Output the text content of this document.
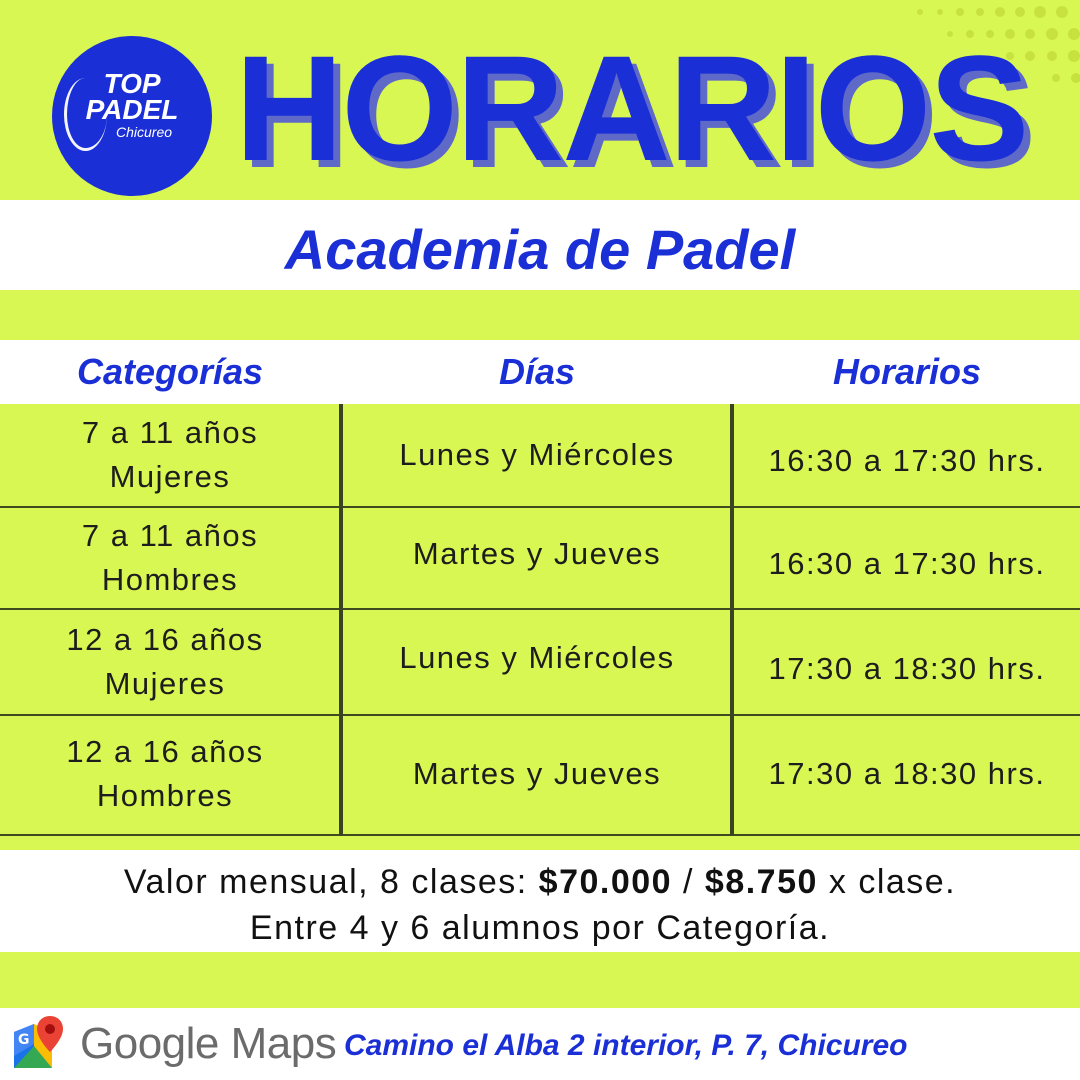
TOP
PADEL
Chicureo HORARIOS
Academia de Padel
Categorías	Días	Horarios
7 a 11 años
Mujeres
Lunes y Miércoles	16:30 a 17:30 hrs.
7 a 11 años
Hombres
Martes y Jueves	16:30 a 17:30 hrs.
12 a 16 años
Mujeres
Lunes y Miércoles	17:30 a 18:30 hrs.
12 a 16 años
Hombres
Martes y Jueves	17:30 a 18:30 hrs.
Valor mensual, 8 clases: $70.000 / $8.750 x clase.
Entre 4 y 6 alumnos por Categoría.
G Google Maps Camino el Alba 2 interior, P. 7, Chicureo
